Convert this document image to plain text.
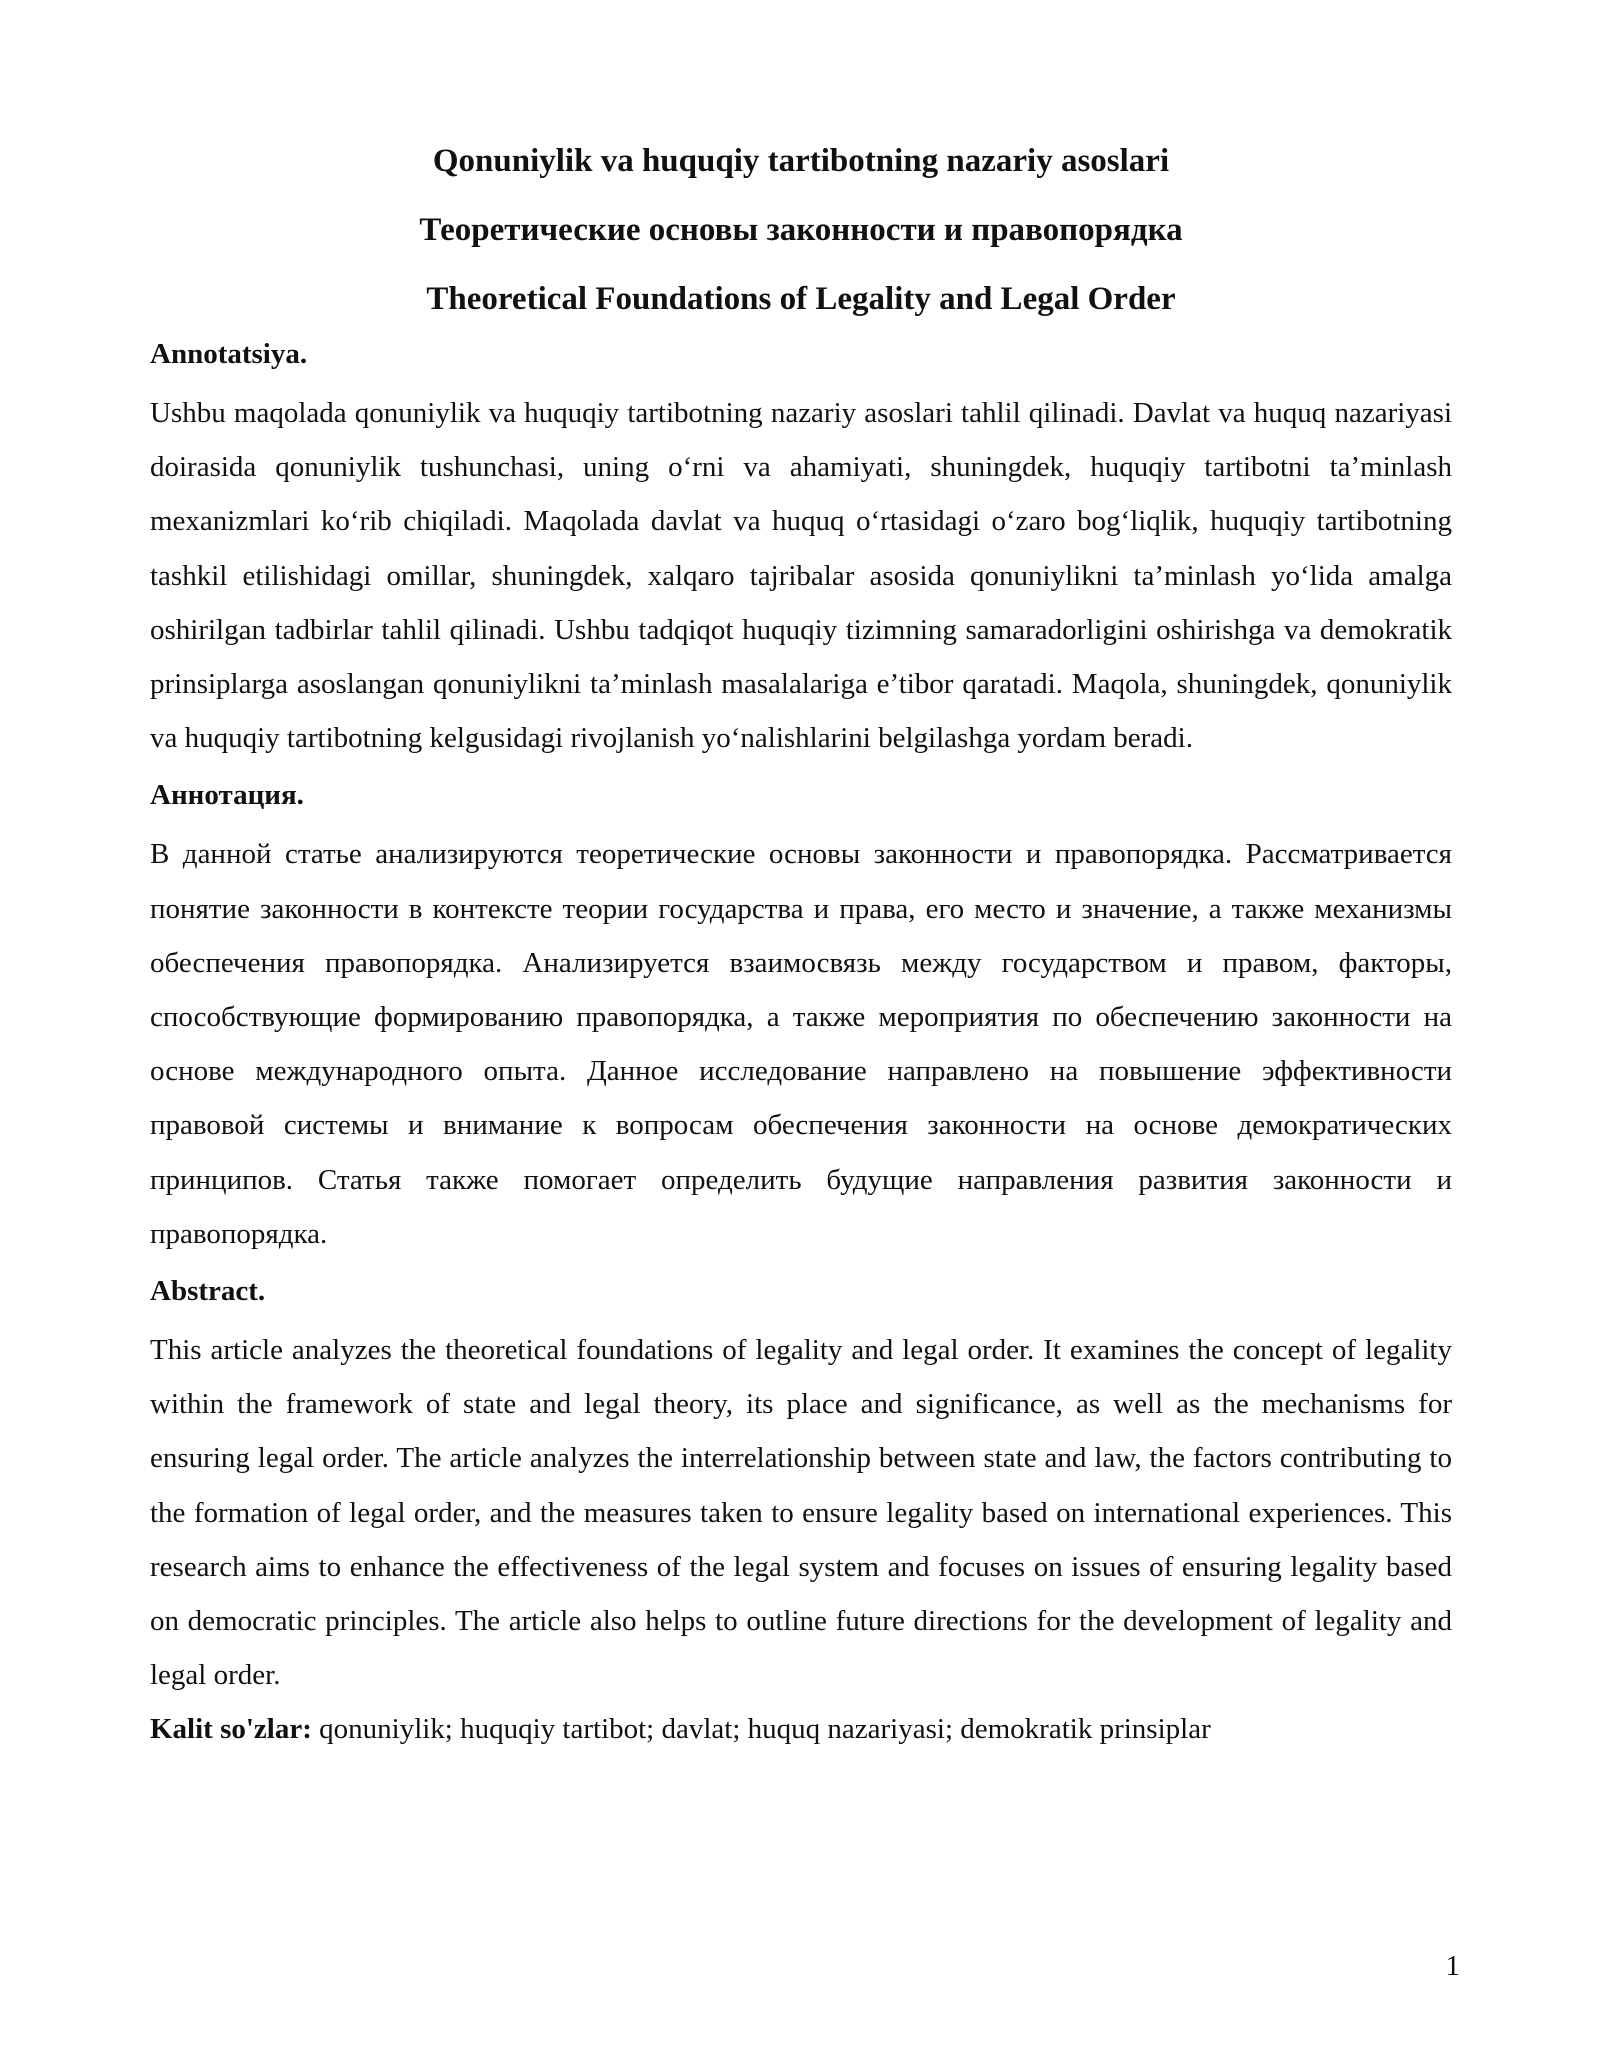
Qonuniylik va huquqiy tartibotning nazariy asoslari
Теоретические основы законности и правопорядка
Theoretical Foundations of Legality and Legal Order
Annotatsiya.

Ushbu maqolada qonuniylik va huquqiy tartibotning nazariy asoslari tahlil qilinadi. Davlat va huquq nazariyasi doirasida qonuniylik tushunchasi, uning o‘rni va ahamiyati, shuningdek, huquqiy tartibotni ta’minlash mexanizmlari ko‘rib chiqiladi. Maqolada davlat va huquq o‘rtasidagi o‘zaro bog‘liqlik, huquqiy tartibotning tashkil etilishidagi omillar, shuningdek, xalqaro tajribalar asosida qonuniylikni ta’minlash yo‘lida amalga oshirilgan tadbirlar tahlil qilinadi. Ushbu tadqiqot huquqiy tizimning samaradorligini oshirishga va demokratik prinsiplarga asoslangan qonuniylikni ta’minlash masalalariga e’tibor qaratadi. Maqola, shuningdek, qonuniylik va huquqiy tartibotning kelgusidagi rivojlanish yo‘nalishlarini belgilashga yordam beradi.

Аннотация.

В данной статье анализируются теоретические основы законности и правопорядка. Рассматривается понятие законности в контексте теории государства и права, его место и значение, а также механизмы обеспечения правопорядка. Анализируется взаимосвязь между государством и правом, факторы, способствующие формированию правопорядка, а также мероприятия по обеспечению законности на основе международного опыта. Данное исследование направлено на повышение эффективности правовой системы и внимание к вопросам обеспечения законности на основе демократических принципов. Статья также помогает определить будущие направления развития законности и правопорядка.

Abstract.

This article analyzes the theoretical foundations of legality and legal order. It examines the concept of legality within the framework of state and legal theory, its place and significance, as well as the mechanisms for ensuring legal order. The article analyzes the interrelationship between state and law, the factors contributing to the formation of legal order, and the measures taken to ensure legality based on international experiences. This research aims to enhance the effectiveness of the legal system and focuses on issues of ensuring legality based on democratic principles. The article also helps to outline future directions for the development of legality and legal order.

Kalit so'zlar: qonuniylik; huquqiy tartibot; davlat; huquq nazariyasi; demokratik prinsiplar

1
